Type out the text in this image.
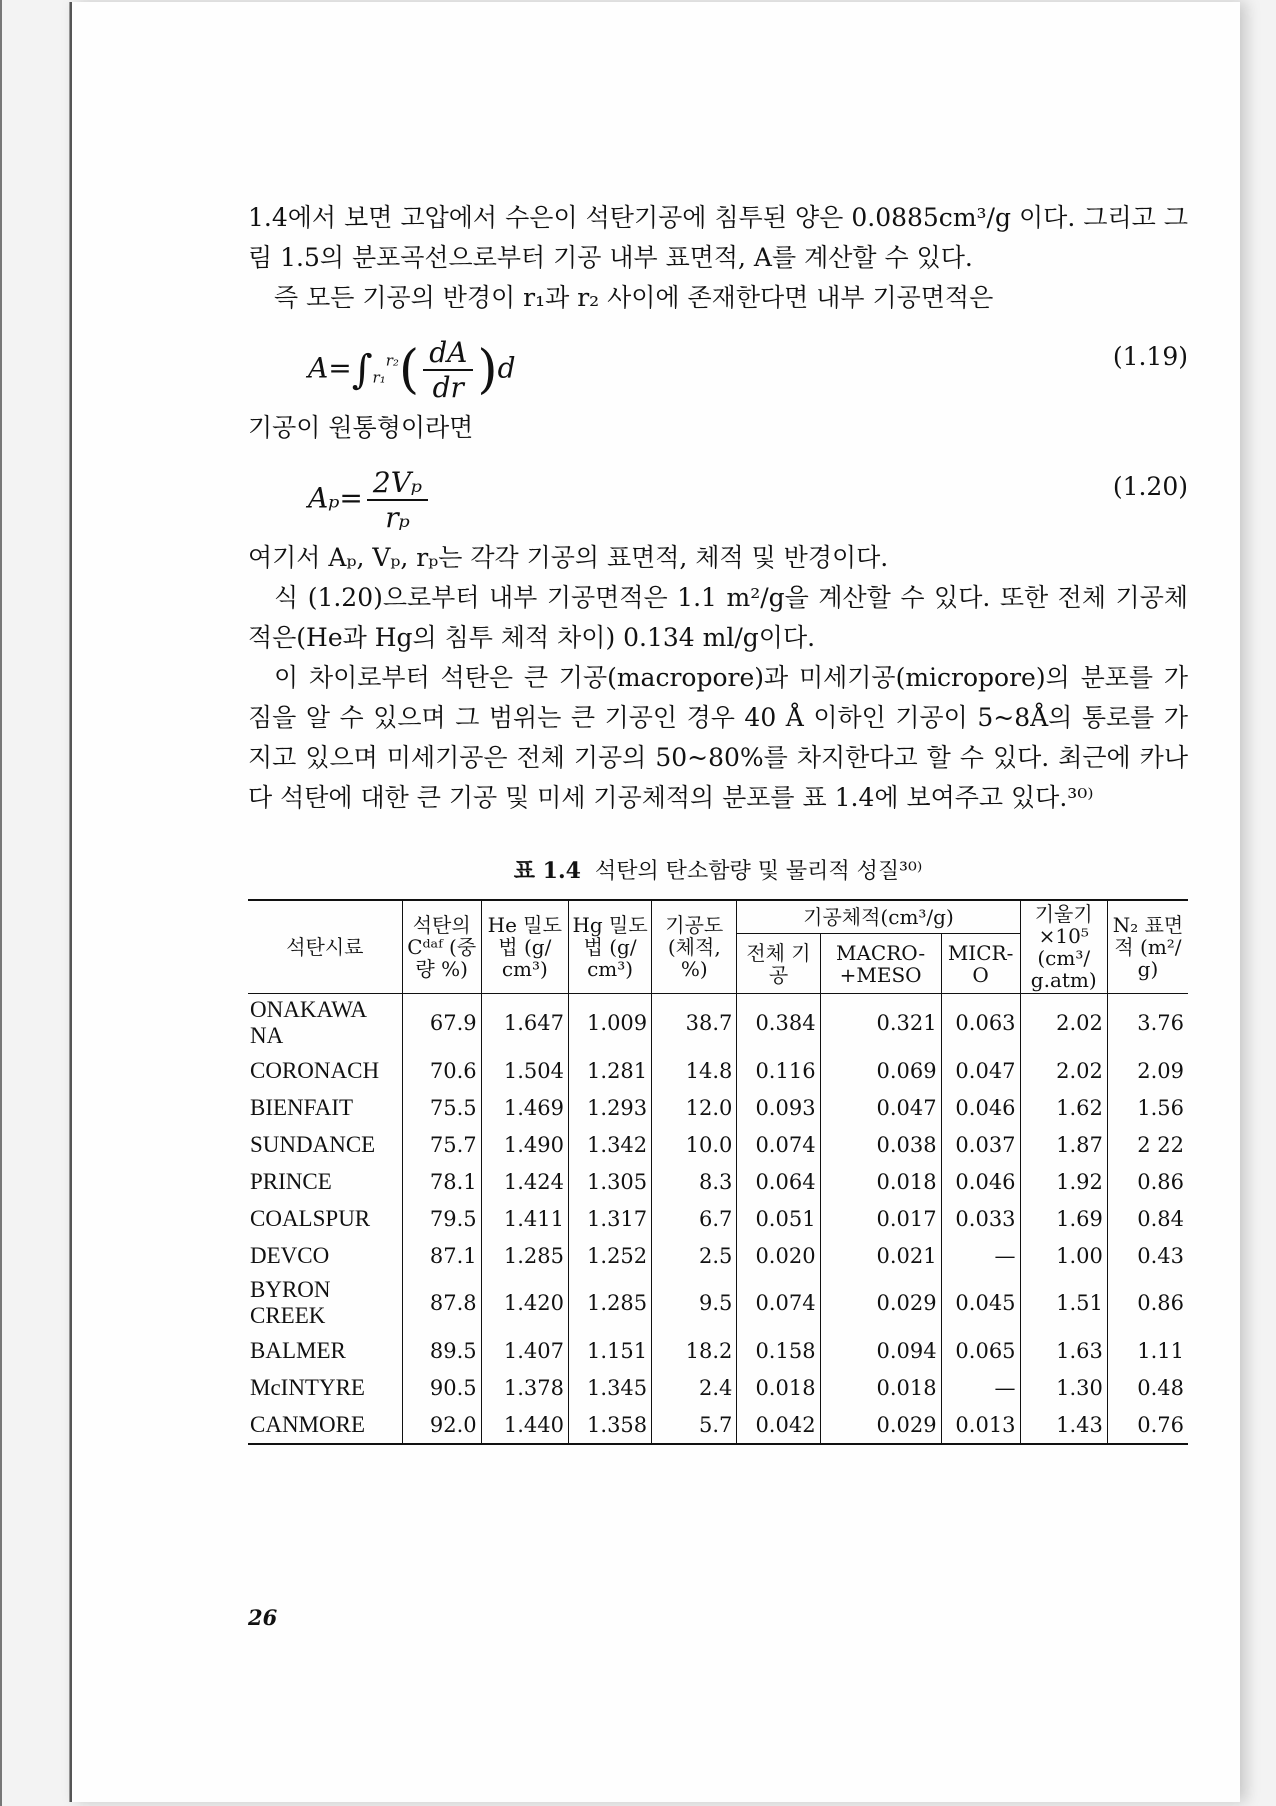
1.4에서 보면 고압에서 수은이 석탄기공에 침투된 양은 0.0885cm³/g 이다. 그리고 그림 1.5의 분포곡선으로부터 기공 내부 표면적, A를 계산할 수 있다.

즉 모든 기공의 반경이 r₁과 r₂ 사이에 존재한다면 내부 기공면적은

$A=\int_{r_1}^{r_2}( \frac{dA}{dr} )d$	(1.19)

기공이 원통형이라면

$A_p= \frac{\text{2Vₚ}}{\text{rₚ}}$	(1.20)

여기서 Aₚ, Vₚ, rₚ는 각각 기공의 표면적, 체적 및 반경이다.

식 (1.20)으로부터 내부 기공면적은 1.1 m²/g을 계산할 수 있다. 또한 전체 기공체적은(He과 Hg의 침투 체적 차이) 0.134 ml/g이다.

이 차이로부터 석탄은 큰 기공(macropore)과 미세기공(micropore)의 분포를 가짐을 알 수 있으며 그 범위는 큰 기공인 경우 40 Å 이하인 기공이 5~8Å의 통로를 가지고 있으며 미세기공은 전체 기공의 50~80%를 차지한다고 할 수 있다. 최근에 카나다 석탄에 대한 큰 기공 및 미세 기공체적의 분포를 표 1.4에 보여주고 있다.³⁰⁾

표 1.4 석탄의 탄소함량 및 물리적 성질³⁰⁾
석탄시료	석탄의 Cᵈᵃᶠ (중량 %)	He 밀도법 (g/ cm³)	Hg 밀도법 (g/ cm³)	기공도 (체적, %)	기공체적(cm³/g)			기울기 ×10⁵ (cm³/ g.atm)	N₂ 표면적 (m²/ g)
					전체 기공	MACRO- +MESO	MICR- O		
ONAKAWA NA	67.9	1.647	1.009	38.7	0.384	0.321	0.063	2.02	3.76
CORONACH	70.6	1.504	1.281	14.8	0.116	0.069	0.047	2.02	2.09
BIENFAIT	75.5	1.469	1.293	12.0	0.093	0.047	0.046	1.62	1.56
SUNDANCE	75.7	1.490	1.342	10.0	0.074	0.038	0.037	1.87	2 22
PRINCE	78.1	1.424	1.305	8.3	0.064	0.018	0.046	1.92	0.86
COALSPUR	79.5	1.411	1.317	6.7	0.051	0.017	0.033	1.69	0.84
DEVCO	87.1	1.285	1.252	2.5	0.020	0.021	—	1.00	0.43
BYRON CREEK	87.8	1.420	1.285	9.5	0.074	0.029	0.045	1.51	0.86
BALMER	89.5	1.407	1.151	18.2	0.158	0.094	0.065	1.63	1.11
McINTYRE	90.5	1.378	1.345	2.4	0.018	0.018	—	1.30	0.48
CANMORE	92.0	1.440	1.358	5.7	0.042	0.029	0.013	1.43	0.76
26
